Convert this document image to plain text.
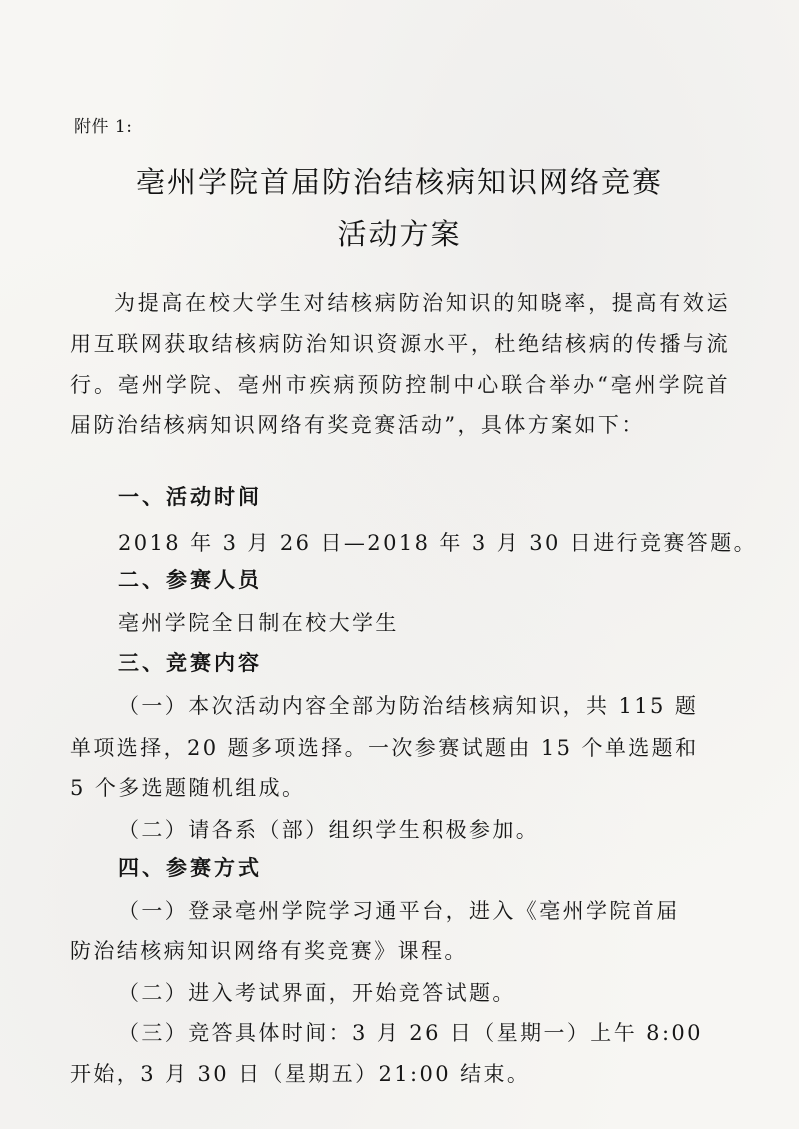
附件 1:
亳州学院首届防治结核病知识网络竞赛
活动方案
为提高在校大学生对结核病防治知识的知晓率，提高有效运用互联网获取结核病防治知识资源水平，杜绝结核病的传播与流行。亳州学院、亳州市疾病预防控制中心联合举办“亳州学院首届防治结核病知识网络有奖竞赛活动”，具体方案如下：
一、活动时间
2018 年 3 月 26 日—2018 年 3 月 30 日进行竞赛答题。
二、参赛人员
亳州学院全日制在校大学生
三、竞赛内容
（一）本次活动内容全部为防治结核病知识，共 115 题
单项选择，20 题多项选择。一次参赛试题由 15 个单选题和
5 个多选题随机组成。
（二）请各系（部）组织学生积极参加。
四、参赛方式
（一）登录亳州学院学习通平台，进入《亳州学院首届
防治结核病知识网络有奖竞赛》课程。
（二）进入考试界面，开始竞答试题。
（三）竞答具体时间：3 月 26 日（星期一）上午 8:00
开始，3 月 30 日（星期五）21:00 结束。
